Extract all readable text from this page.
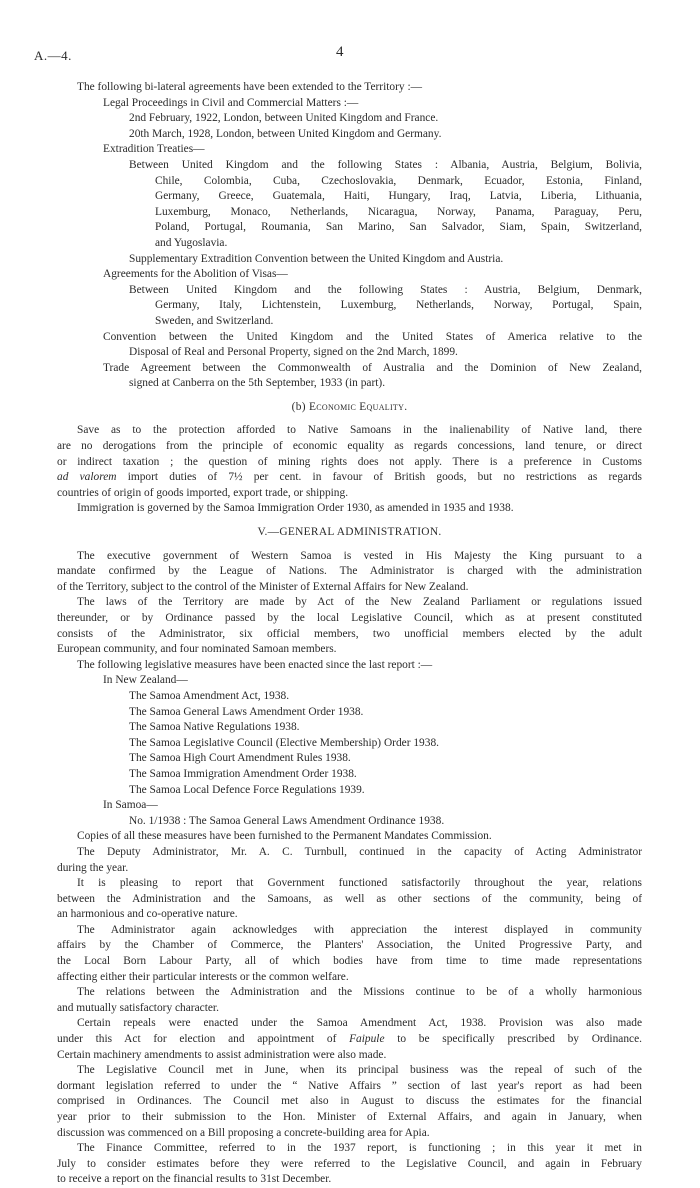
A.—4.	4
The following bi-lateral agreements have been extended to the Territory :—
Legal Proceedings in Civil and Commercial Matters :—
2nd February, 1922, London, between United Kingdom and France.
20th March, 1928, London, between United Kingdom and Germany.
Extradition Treaties—
Between United Kingdom and the following States : Albania, Austria, Belgium, Bolivia,
Chile, Colombia, Cuba, Czechoslovakia, Denmark, Ecuador, Estonia, Finland,
Germany, Greece, Guatemala, Haiti, Hungary, Iraq, Latvia, Liberia, Lithuania,
Luxemburg, Monaco, Netherlands, Nicaragua, Norway, Panama, Paraguay, Peru,
Poland, Portugal, Roumania, San Marino, San Salvador, Siam, Spain, Switzerland,
and Yugoslavia.
Supplementary Extradition Convention between the United Kingdom and Austria.
Agreements for the Abolition of Visas—
Between United Kingdom and the following States : Austria, Belgium, Denmark,
Germany, Italy, Lichtenstein, Luxemburg, Netherlands, Norway, Portugal, Spain,
Sweden, and Switzerland.
Convention between the United Kingdom and the United States of America relative to the
Disposal of Real and Personal Property, signed on the 2nd March, 1899.
Trade Agreement between the Commonwealth of Australia and the Dominion of New Zealand,
signed at Canberra on the 5th September, 1933 (in part).
(b) Economic Equality.
Save as to the protection afforded to Native Samoans in the inalienability of Native land, there
are no derogations from the principle of economic equality as regards concessions, land tenure, or direct
or indirect taxation ; the question of mining rights does not apply. There is a preference in Customs
ad valorem import duties of 7½ per cent. in favour of British goods, but no restrictions as regards
countries of origin of goods imported, export trade, or shipping.
Immigration is governed by the Samoa Immigration Order 1930, as amended in 1935 and 1938.
V.—GENERAL ADMINISTRATION.
The executive government of Western Samoa is vested in His Majesty the King pursuant to a
mandate confirmed by the League of Nations. The Administrator is charged with the administration
of the Territory, subject to the control of the Minister of External Affairs for New Zealand.
The laws of the Territory are made by Act of the New Zealand Parliament or regulations issued
thereunder, or by Ordinance passed by the local Legislative Council, which as at present constituted
consists of the Administrator, six official members, two unofficial members elected by the adult
European community, and four nominated Samoan members.
The following legislative measures have been enacted since the last report :—
In New Zealand—
The Samoa Amendment Act, 1938.
The Samoa General Laws Amendment Order 1938.
The Samoa Native Regulations 1938.
The Samoa Legislative Council (Elective Membership) Order 1938.
The Samoa High Court Amendment Rules 1938.
The Samoa Immigration Amendment Order 1938.
The Samoa Local Defence Force Regulations 1939.
In Samoa—
No. 1/1938 : The Samoa General Laws Amendment Ordinance 1938.
Copies of all these measures have been furnished to the Permanent Mandates Commission.
The Deputy Administrator, Mr. A. C. Turnbull, continued in the capacity of Acting Administrator
during the year.
It is pleasing to report that Government functioned satisfactorily throughout the year, relations
between the Administration and the Samoans, as well as other sections of the community, being of
an harmonious and co-operative nature.
The Administrator again acknowledges with appreciation the interest displayed in community
affairs by the Chamber of Commerce, the Planters' Association, the United Progressive Party, and
the Local Born Labour Party, all of which bodies have from time to time made representations
affecting either their particular interests or the common welfare.
The relations between the Administration and the Missions continue to be of a wholly harmonious
and mutually satisfactory character.
Certain repeals were enacted under the Samoa Amendment Act, 1938. Provision was also made
under this Act for election and appointment of Faipule to be specifically prescribed by Ordinance.
Certain machinery amendments to assist administration were also made.
The Legislative Council met in June, when its principal business was the repeal of such of the
dormant legislation referred to under the “ Native Affairs ” section of last year's report as had been
comprised in Ordinances. The Council met also in August to discuss the estimates for the financial
year prior to their submission to the Hon. Minister of External Affairs, and again in January, when
discussion was commenced on a Bill proposing a concrete-building area for Apia.
The Finance Committee, referred to in the 1937 report, is functioning ; in this year it met in
July to consider estimates before they were referred to the Legislative Council, and again in February
to receive a report on the financial results to 31st December.
